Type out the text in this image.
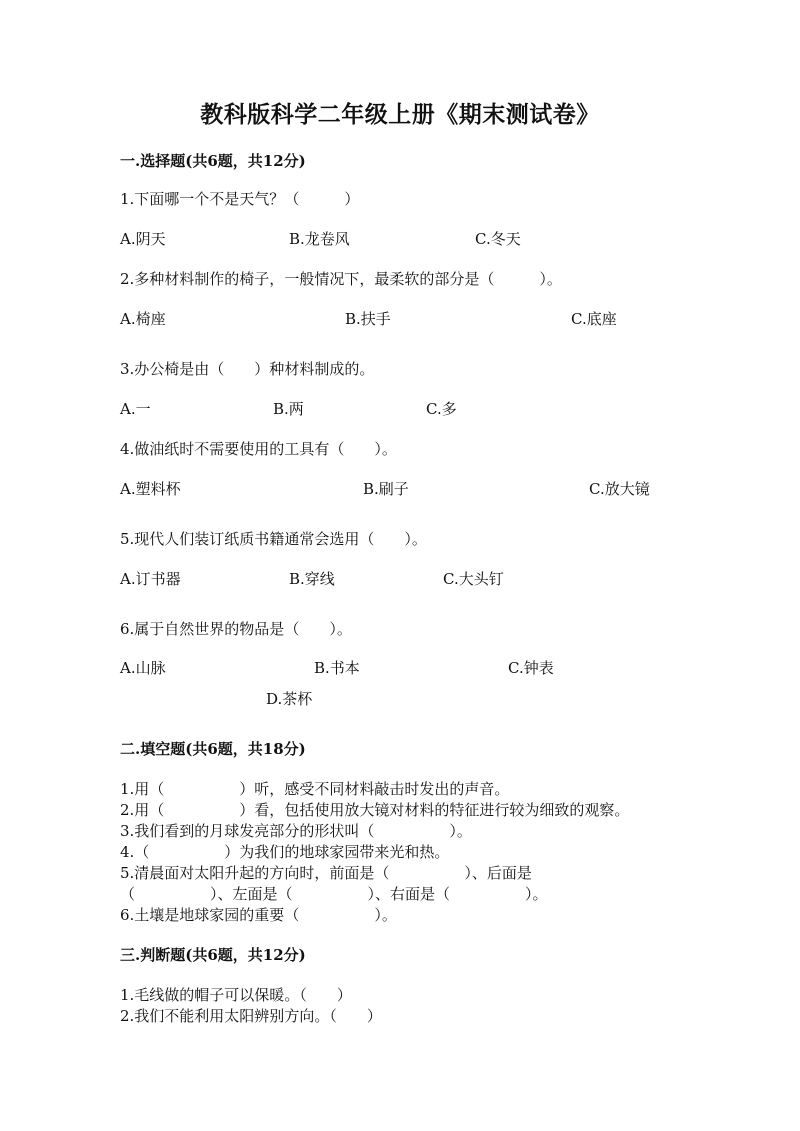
教科版科学二年级上册《期末测试卷》
一.选择题(共6题，共12分)
1.下面哪一个不是天气？（　　　）
A.阴天	B.龙卷风	C.冬天
2.多种材料制作的椅子，一般情况下，最柔软的部分是（　　　）。
A.椅座	B.扶手	C.底座
3.办公椅是由（　　）种材料制成的。
A.一	B.两	C.多
4.做油纸时不需要使用的工具有（　　）。
A.塑料杯	B.刷子	C.放大镜
5.现代人们装订纸质书籍通常会选用（　　）。
A.订书器	B.穿线	C.大头钉
6.属于自然世界的物品是（　　）。
A.山脉	B.书本	C.钟表
D.茶杯
二.填空题(共6题，共18分)
1.用（　　　　　）听，感受不同材料敲击时发出的声音。
2.用（　　　　　）看，包括使用放大镜对材料的特征进行较为细致的观察。
3.我们看到的月球发亮部分的形状叫（　　　　　）。
4.（　　　　　）为我们的地球家园带来光和热。
5.清晨面对太阳升起的方向时，前面是（　　　　　）、后面是
（　　　　　）、左面是（　　　　　）、右面是（　　　　　）。
6.土壤是地球家园的重要（　　　　　）。
三.判断题(共6题，共12分)
1.毛线做的帽子可以保暖。（　　）
2.我们不能利用太阳辨别方向。（　　）
